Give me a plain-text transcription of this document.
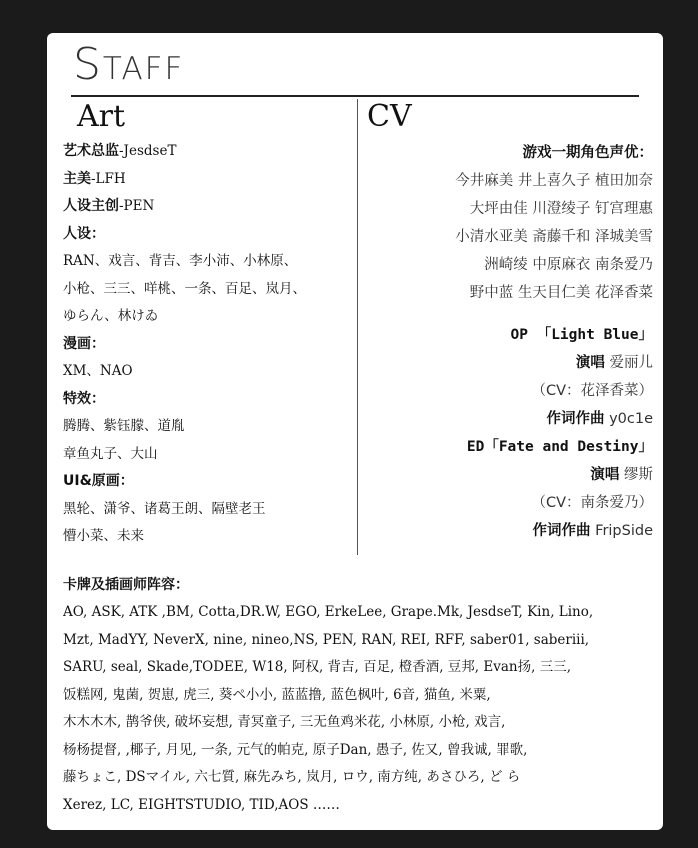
Staff
Art	CV
艺术总监-JesdseT
主美-LFH
人设主创-PEN
人设：
RAN、戏言、背吉、李小沛、小林原、
小枪、三三、咩桃、一条、百足、岚月、
ゆらん、林けゐ
漫画：
XM、NAO
特效：
腾腾、紫钰朦、道胤
章鱼丸子、大山
UI&原画：
黑轮、潇爷、诸葛王朗、隔壁老王
懵小菜、未来
游戏一期角色声优：
今井麻美 井上喜久子 植田加奈
大坪由佳 川澄绫子 钉宫理惠
小清水亚美 斋藤千和 泽城美雪
洲崎绫 中原麻衣 南条爱乃
野中蓝 生天目仁美 花泽香菜
OP 「Light Blue」
演唱 爱丽儿
（CV：花泽香菜）
作词作曲 y0c1e
ED「Fate and Destiny」
演唱 缪斯
（CV：南条爱乃）
作词作曲 FripSide
卡牌及插画师阵容：
AO, ASK, ATK ,BM, Cotta,DR.W, EGO, ErkeLee, Grape.Mk, JesdseT, Kin, Lino,
Mzt, MadYY, NeverX, nine, nineo,NS, PEN, RAN, REI, RFF, saber01, saberiii,
SARU, seal, Skade,TODEE, W18, 阿权, 背吉, 百足, 橙香酒, 豆邦, Evan扬, 三三,
饭糕网, 鬼菌, 贺崽, 虎三, 葵ペ小小, 蓝蓝撸, 蓝色枫叶, 6音, 猫鱼, 米粟,
木木木木, 鹊爷侠, 破坏妄想, 青冥童子, 三无鱼鸡米花, 小林原, 小枪, 戏言,
杨杨提督, ,椰子, 月见, 一条, 元气的帕克, 原子Dan, 愚子, 佐又, 曾我诚, 罪歌,
藤ちょこ, DSマイル, 六七質, 麻先みち, 岚月, ロウ, 南方纯, あさひろ, ど ら
Xerez, LC, EIGHTSTUDIO, TID,AOS ……
